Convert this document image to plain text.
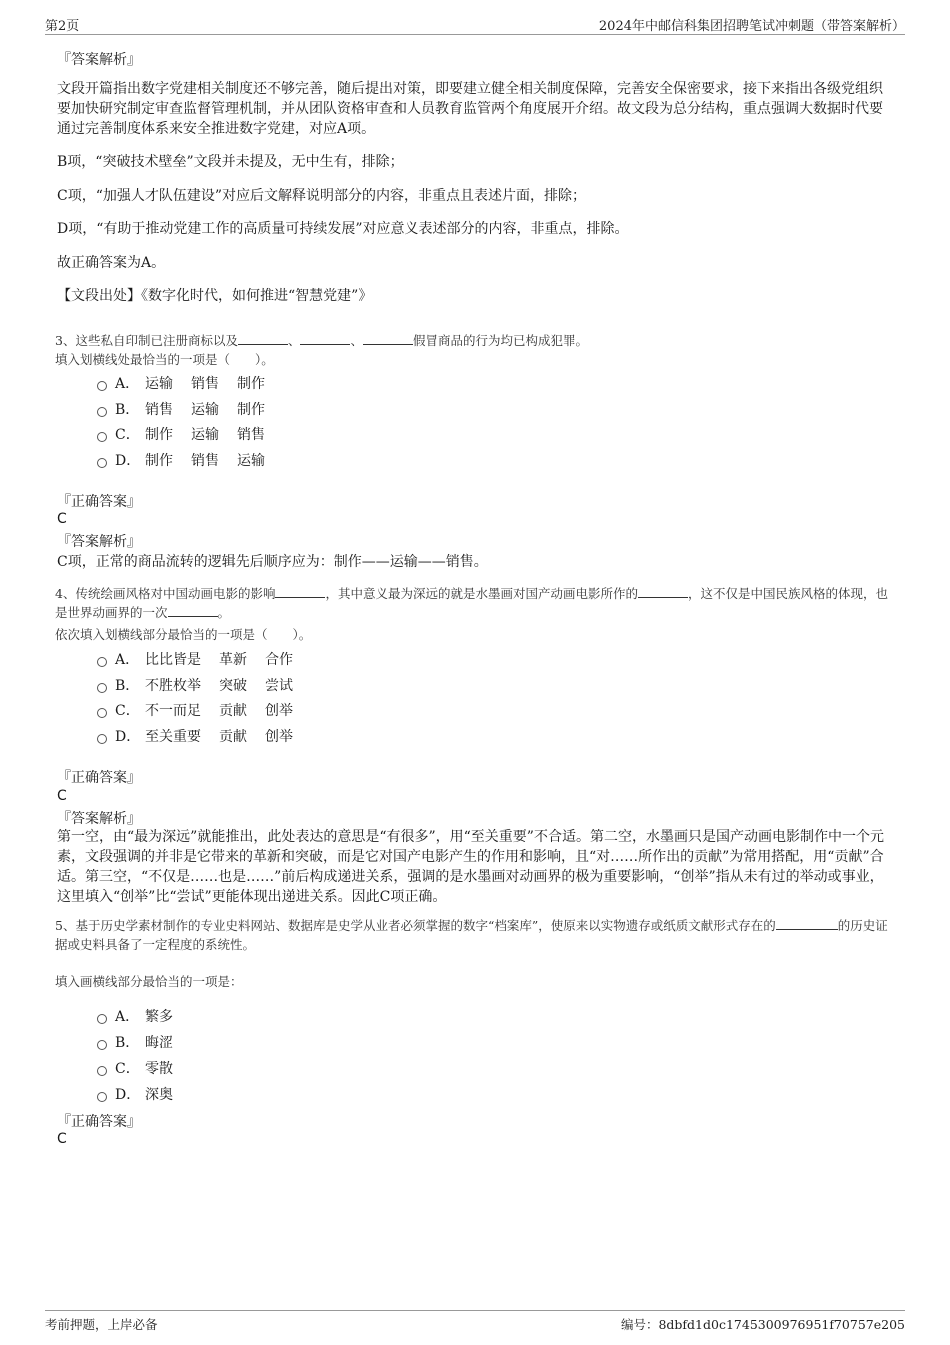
第2页	2024年中邮信科集团招聘笔试冲刺题（带答案解析）
『答案解析』
文段开篇指出数字党建相关制度还不够完善，随后提出对策，即要建立健全相关制度保障，完善安全保密要求，接下来指出各级党组织要加快研究制定审查监督管理机制，并从团队资格审查和人员教育监管两个角度展开介绍。故文段为总分结构，重点强调大数据时代要通过完善制度体系来安全推进数字党建，对应A项。
B项，“突破技术壁垒”文段并未提及，无中生有，排除；
C项，“加强人才队伍建设”对应后文解释说明部分的内容，非重点且表述片面，排除；
D项，“有助于推动党建工作的高质量可持续发展”对应意义表述部分的内容，非重点，排除。
故正确答案为A。
【文段出处】《数字化时代，如何推进“智慧党建”》
3、这些私自印制已注册商标以及	、	、	假冒商品的行为均已构成犯罪。
填入划横线处最恰当的一项是（　　）。
A． 运输 销售 制作
B． 销售 运输 制作
C． 制作 运输 销售
D． 制作 销售 运输
『正确答案』
C
『答案解析』
C项，正常的商品流转的逻辑先后顺序应为：制作——运输——销售。
4、传统绘画风格对中国动画电影的影响	，其中意义最为深远的就是水墨画对国产动画电影所作的	，这不仅是中国民族风格的体现，也是世界动画界的一次	。
依次填入划横线部分最恰当的一项是（　　）。
A． 比比皆是 革新 合作
B． 不胜枚举 突破 尝试
C． 不一而足 贡献 创举
D． 至关重要 贡献 创举
『正确答案』
C
『答案解析』
第一空，由“最为深远”就能推出，此处表达的意思是“有很多”，用“至关重要”不合适。第二空，水墨画只是国产动画电影制作中一个元素，文段强调的并非是它带来的革新和突破，而是它对国产电影产生的作用和影响，且“对……所作出的贡献”为常用搭配，用“贡献”合适。第三空，“不仅是……也是……”前后构成递进关系，强调的是水墨画对动画界的极为重要影响，“创举”指从未有过的举动或事业，这里填入“创举”比“尝试”更能体现出递进关系。因此C项正确。
5、基于历史学素材制作的专业史料网站、数据库是史学从业者必须掌握的数字“档案库”，使原来以实物遗存或纸质文献形式存在的	的历史证据或史料具备了一定程度的系统性。
填入画横线部分最恰当的一项是：
A． 繁多
B． 晦涩
C． 零散
D． 深奥
『正确答案』
C
考前押题，上岸必备	编号：8dbfd1d0c1745300976951f70757e205
